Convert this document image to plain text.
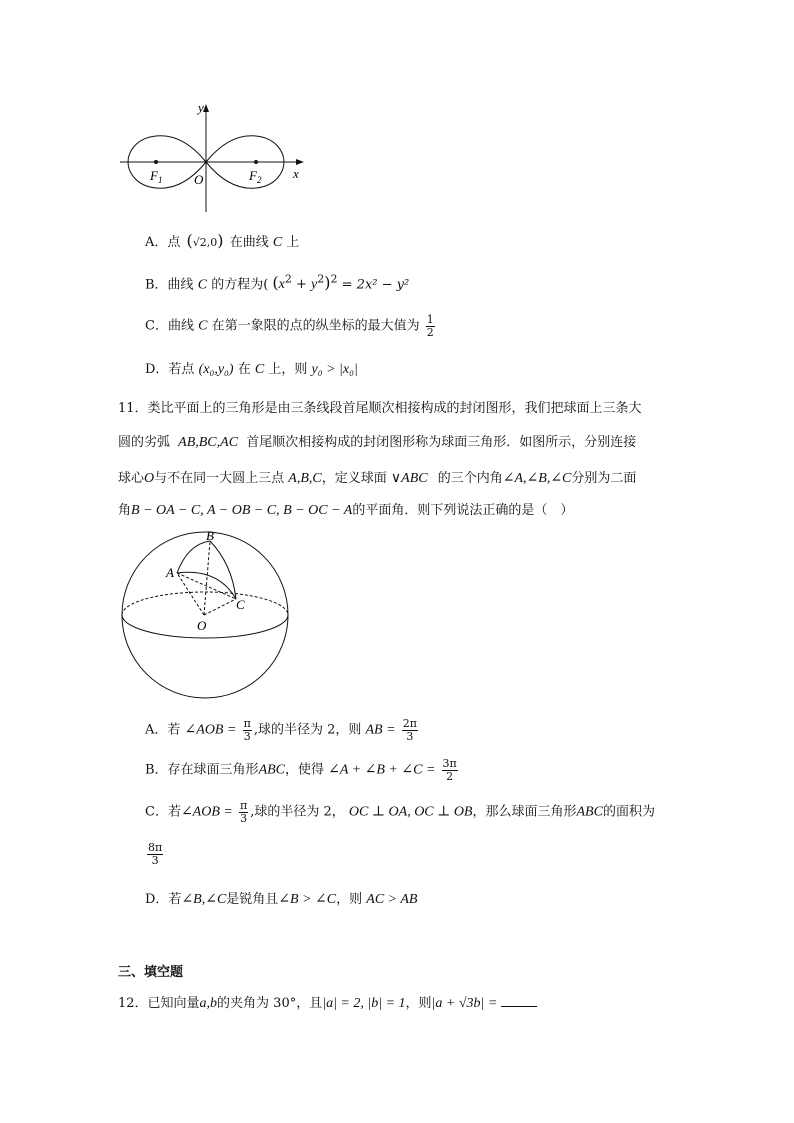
y
x
O
$F_1$	$F_2$
A．点 (√2,0) 在曲线 C 上
B．曲线 C 的方程为( $(x^2 + y^2)^2 = 2x^2 - y^2$
C．曲线 C 在第一象限的点的纵坐标的最大值为 $\frac{1}{2}$
D．若点 (x₀,y₀) 在 C 上，则 y₀ > |x₀|
11．类比平面上的三角形是由三条线段首尾顺次相接构成的封闭图形，我们把球面上三条大
圆的劣弧 AB,BC,AC 首尾顺次相接构成的封闭图形称为球面三角形．如图所示，分别连接
球心O与不在同一大圆上三点 A,B,C，定义球面 ∨ABC 的三个内角∠A,∠B,∠C分别为二面
角B − OA − C, A − OB − C, B − OC − A的平面角．则下列说法正确的是（　）
B
A
C
O
A．若 ∠AOB = $\frac{\pi}{3}$ ,球的半径为 2，则 AB = $\frac{2\pi}{3}$
B．存在球面三角形ABC，使得 ∠A + ∠B + ∠C = $\frac{3\pi}{2}$
C．若∠AOB = $\frac{\pi}{3}$ ,球的半径为 2， OC ⊥ OA, OC ⊥ OB，那么球面三角形ABC的面积为
$\frac{8\pi}{3}$
D．若∠B,∠C是锐角且∠B > ∠C，则 AC > AB
三、填空题
12．已知向量a,b的夹角为 30°，且|a| = 2, |b| = 1，则|a + √3b| =
